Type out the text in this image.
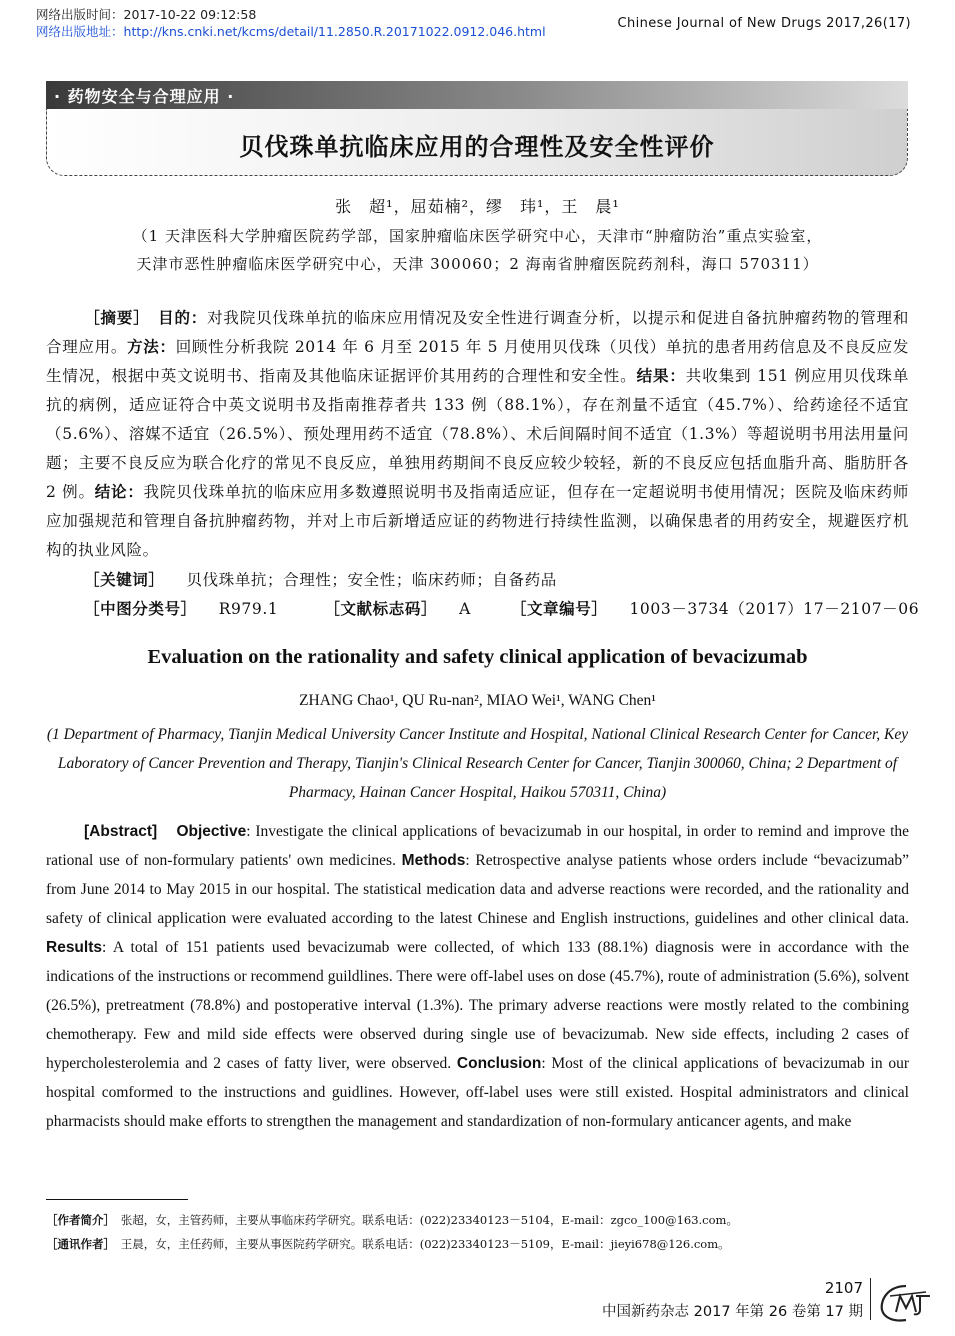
网络出版时间：2017-10-22 09:12:58
网络出版地址：http://kns.cnki.net/kcms/detail/11.2850.R.20171022.0912.046.html
Chinese Journal of New Drugs 2017,26(17)
· 药物安全与合理应用 ·
贝伐珠单抗临床应用的合理性及安全性评价
张　超¹，屈茹楠²，缪　玮¹，王　晨¹
（1 天津医科大学肿瘤医院药学部，国家肿瘤临床医学研究中心，天津市“肿瘤防治”重点实验室，
天津市恶性肿瘤临床医学研究中心，天津 300060；2 海南省肿瘤医院药剂科，海口 570311）
［摘要］　 目的：对我院贝伐珠单抗的临床应用情况及安全性进行调查分析，以提示和促进自备抗肿瘤药物的管理和合理应用。方法：回顾性分析我院 2014 年 6 月至 2015 年 5 月使用贝伐珠（贝伐）单抗的患者用药信息及不良反应发生情况，根据中英文说明书、指南及其他临床证据评价其用药的合理性和安全性。结果：共收集到 151 例应用贝伐珠单抗的病例，适应证符合中英文说明书及指南推荐者共 133 例（88.1%），存在剂量不适宜（45.7%）、给药途径不适宜（5.6%）、溶媒不适宜（26.5%）、预处理用药不适宜（78.8%）、术后间隔时间不适宜（1.3%）等超说明书用法用量问题；主要不良反应为联合化疗的常见不良反应，单独用药期间不良反应较少较轻，新的不良反应包括血脂升高、脂肪肝各 2 例。结论：我院贝伐珠单抗的临床应用多数遵照说明书及指南适应证，但存在一定超说明书使用情况；医院及临床药师应加强规范和管理自备抗肿瘤药物，并对上市后新增适应证的药物进行持续性监测，以确保患者的用药安全，规避医疗机构的执业风险。
［关键词］ 贝伐珠单抗；合理性；安全性；临床药师；自备药品
［中图分类号］ R979.1	［文献标志码］ A	［文章编号］ 1003－3734（2017）17－2107－06
Evaluation on the rationality and safety clinical application of bevacizumab
ZHANG Chao¹, QU Ru-nan², MIAO Wei¹, WANG Chen¹
(1 Department of Pharmacy, Tianjin Medical University Cancer Institute and Hospital, National Clinical Research Center for Cancer, Key Laboratory of Cancer Prevention and Therapy, Tianjin's Clinical Research Center for Cancer, Tianjin 300060, China; 2 Department of Pharmacy, Hainan Cancer Hospital, Haikou 570311, China)
[Abstract] Objective: Investigate the clinical applications of bevacizumab in our hospital, in order to remind and improve the rational use of non-formulary patients' own medicines. Methods: Retrospective analyse patients whose orders include “bevacizumab” from June 2014 to May 2015 in our hospital. The statistical medication data and adverse reactions were recorded, and the rationality and safety of clinical application were evaluated according to the latest Chinese and English instructions, guidelines and other clinical data. Results: A total of 151 patients used bevacizumab were collected, of which 133 (88.1%) diagnosis were in accordance with the indications of the instructions or recommend guildlines. There were off-label uses on dose (45.7%), route of administration (5.6%), solvent (26.5%), pretreatment (78.8%) and postoperative interval (1.3%). The primary adverse reactions were mostly related to the combining chemotherapy. Few and mild side effects were observed during single use of bevacizumab. New side effects, including 2 cases of hypercholesterolemia and 2 cases of fatty liver, were observed. Conclusion: Most of the clinical applications of bevacizumab in our hospital comformed to the instructions and guidlines. However, off-label uses were still existed. Hospital administrators and clinical pharmacists should make efforts to strengthen the management and standardization of non-formulary anticancer agents, and make
［作者简介］　 张超，女，主管药师，主要从事临床药学研究。联系电话：(022)23340123－5104，E-mail：zgco_100@163.com。
［通讯作者］　 王晨，女，主任药师，主要从事医院药学研究。联系电话：(022)23340123－5109，E-mail：jieyi678@126.com。
2107
中国新药杂志 2017 年第 26 卷第 17 期
